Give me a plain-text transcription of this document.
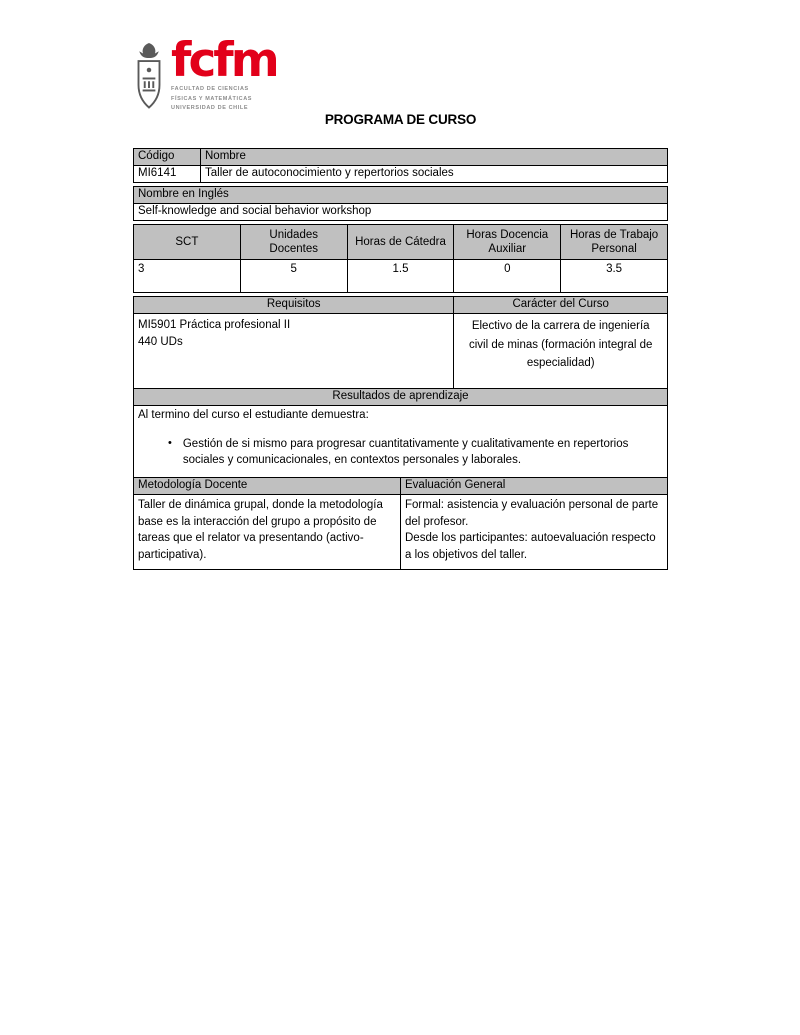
fcfm
FACULTAD DE CIENCIAS
FÍSICAS Y MATEMÁTICAS
UNIVERSIDAD DE CHILE
PROGRAMA DE CURSO
Código	Nombre
MI6141	Taller de autoconocimiento y repertorios sociales
Nombre en Inglés
Self-knowledge and social behavior workshop
SCT	Unidades Docentes	Horas de Cátedra	Horas Docencia Auxiliar	Horas de Trabajo Personal
3	5	1.5	0	3.5
Requisitos	Carácter del Curso

MI5901 Práctica profesional II
440 UDs	Electivo de la carrera de ingeniería civil de minas (formación integral de especialidad)
Resultados de aprendizaje

Al termino del curso el estudiante demuestra:
• Gestión de si mismo para progresar cuantitativamente y cualitativamente en repertorios sociales y comunicacionales, en contextos personales y laborales.
Metodología Docente	Evaluación General

Taller de dinámica grupal, donde la metodología base es la interacción del grupo a propósito de tareas que el relator va presentando (activo-participativa).	Formal: asistencia y evaluación personal de parte del profesor.
Desde los participantes: autoevaluación respecto a los objetivos del taller.
